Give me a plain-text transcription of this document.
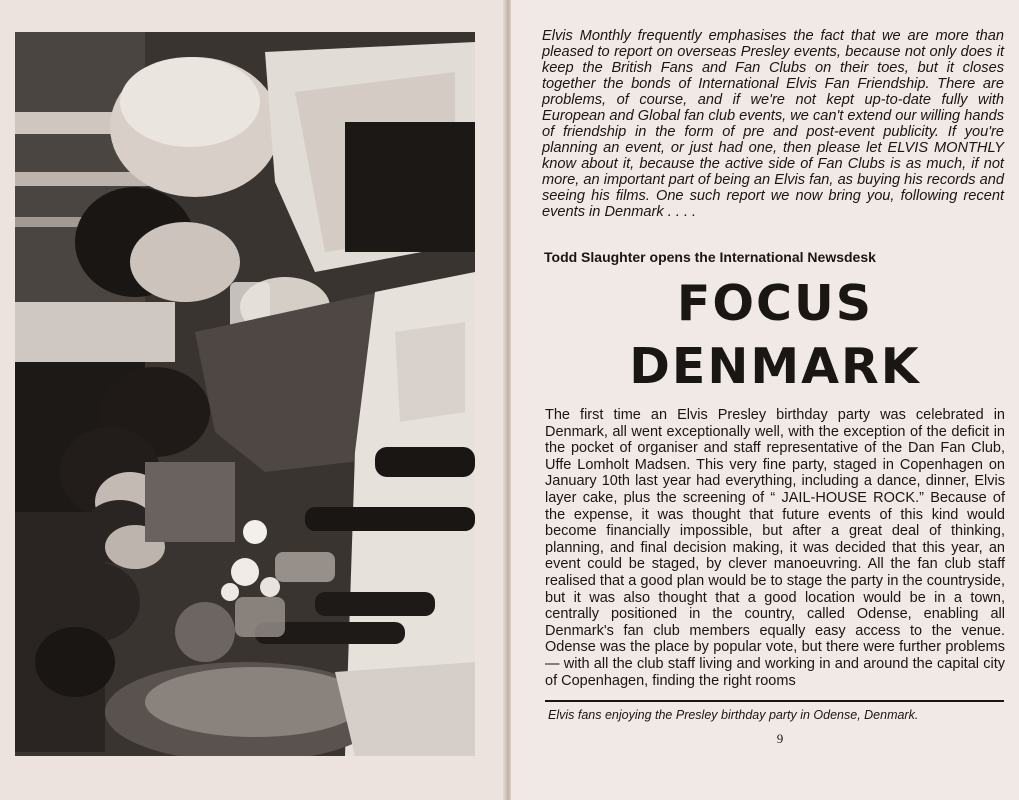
Elvis Monthly frequently emphasises the fact that we are more than pleased to report on overseas Presley events, because not only does it keep the British Fans and Fan Clubs on their toes, but it closes together the bonds of International Elvis Fan Friendship. There are problems, of course, and if we're not kept up-to-date fully with European and Global fan club events, we can't extend our willing hands of friendship in the form of pre and post-event publicity. If you're planning an event, or just had one, then please let ELVIS MONTHLY know about it, because the active side of Fan Clubs is as much, if not more, an important part of being an Elvis fan, as buying his records and seeing his films. One such report we now bring you, following recent events in Denmark . . . .

Todd Slaughter opens the International Newsdesk

FOCUS
DENMARK

The first time an Elvis Presley birthday party was celebrated in Denmark, all went exceptionally well, with the exception of the deficit in the pocket of organiser and staff representative of the Dan Fan Club, Uffe Lomholt Madsen. This very fine party, staged in Copenhagen on January 10th last year had everything, including a dance, dinner, Elvis layer cake, plus the screening of “ JAIL-HOUSE ROCK.” Because of the expense, it was thought that future events of this kind would become financially impossible, but after a great deal of thinking, planning, and final decision making, it was decided that this year, an event could be staged, by clever manoeuvring. All the fan club staff realised that a good plan would be to stage the party in the countryside, but it was also thought that a good location would be in a town, centrally positioned in the country, called Odense, enabling all Denmark's fan club members equally easy access to the venue. Odense was the place by popular vote, but there were further problems — with all the club staff living and working in and around the capital city of Copenhagen, finding the right rooms

Elvis fans enjoying the Presley birthday party in Odense, Denmark.

9
